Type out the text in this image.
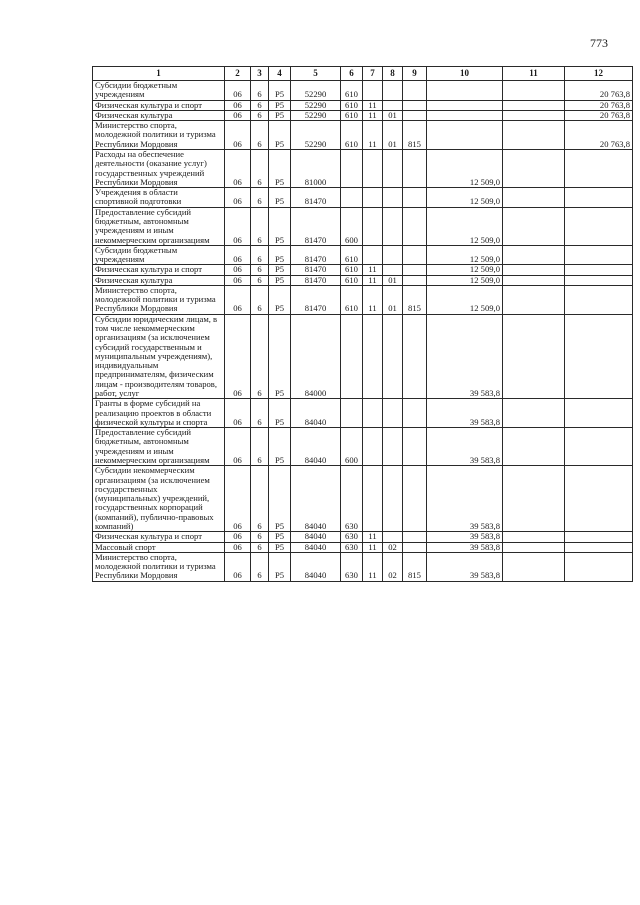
773
1	2	3	4	5	6	7	8	9	10	11	12
Субсидии бюджетным учреждениям	06	6	P5	52290	610						20 763,8
Физическая культура и спорт	06	6	P5	52290	610	11					20 763,8
Физическая культура	06	6	P5	52290	610	11	01				20 763,8
Министерство спорта, молодежной политики и туризма Республики Мордовия	06	6	P5	52290	610	11	01	815			20 763,8
Расходы на обеспечение деятельности (оказание услуг) государственных учреждений Республики Мордовия	06	6	P5	81000					12 509,0		
Учреждения в области спортивной подготовки	06	6	P5	81470					12 509,0		
Предоставление субсидий бюджетным, автономным учреждениям и иным некоммерческим организациям	06	6	P5	81470	600				12 509,0		
Субсидии бюджетным учреждениям	06	6	P5	81470	610				12 509,0		
Физическая культура и спорт	06	6	P5	81470	610	11			12 509,0		
Физическая культура	06	6	P5	81470	610	11	01		12 509,0		
Министерство спорта, молодежной политики и туризма Республики Мордовия	06	6	P5	81470	610	11	01	815	12 509,0		
Субсидии юридическим лицам, в том числе некоммерческим организациям (за исключением субсидий государственным и муниципальным учреждениям), индивидуальным предпринимателям, физическим лицам - производителям товаров, работ, услуг	06	6	P5	84000					39 583,8		
Гранты в форме субсидий на реализацию проектов в области физической культуры и спорта	06	6	P5	84040					39 583,8		
Предоставление субсидий бюджетным, автономным учреждениям и иным некоммерческим организациям	06	6	P5	84040	600				39 583,8		
Субсидии некоммерческим организациям (за исключением государственных (муниципальных) учреждений, государственных корпораций (компаний), публично-правовых компаний)	06	6	P5	84040	630				39 583,8		
Физическая культура и спорт	06	6	P5	84040	630	11			39 583,8		
Массовый спорт	06	6	P5	84040	630	11	02		39 583,8		
Министерство спорта, молодежной политики и туризма Республики Мордовия	06	6	P5	84040	630	11	02	815	39 583,8		
